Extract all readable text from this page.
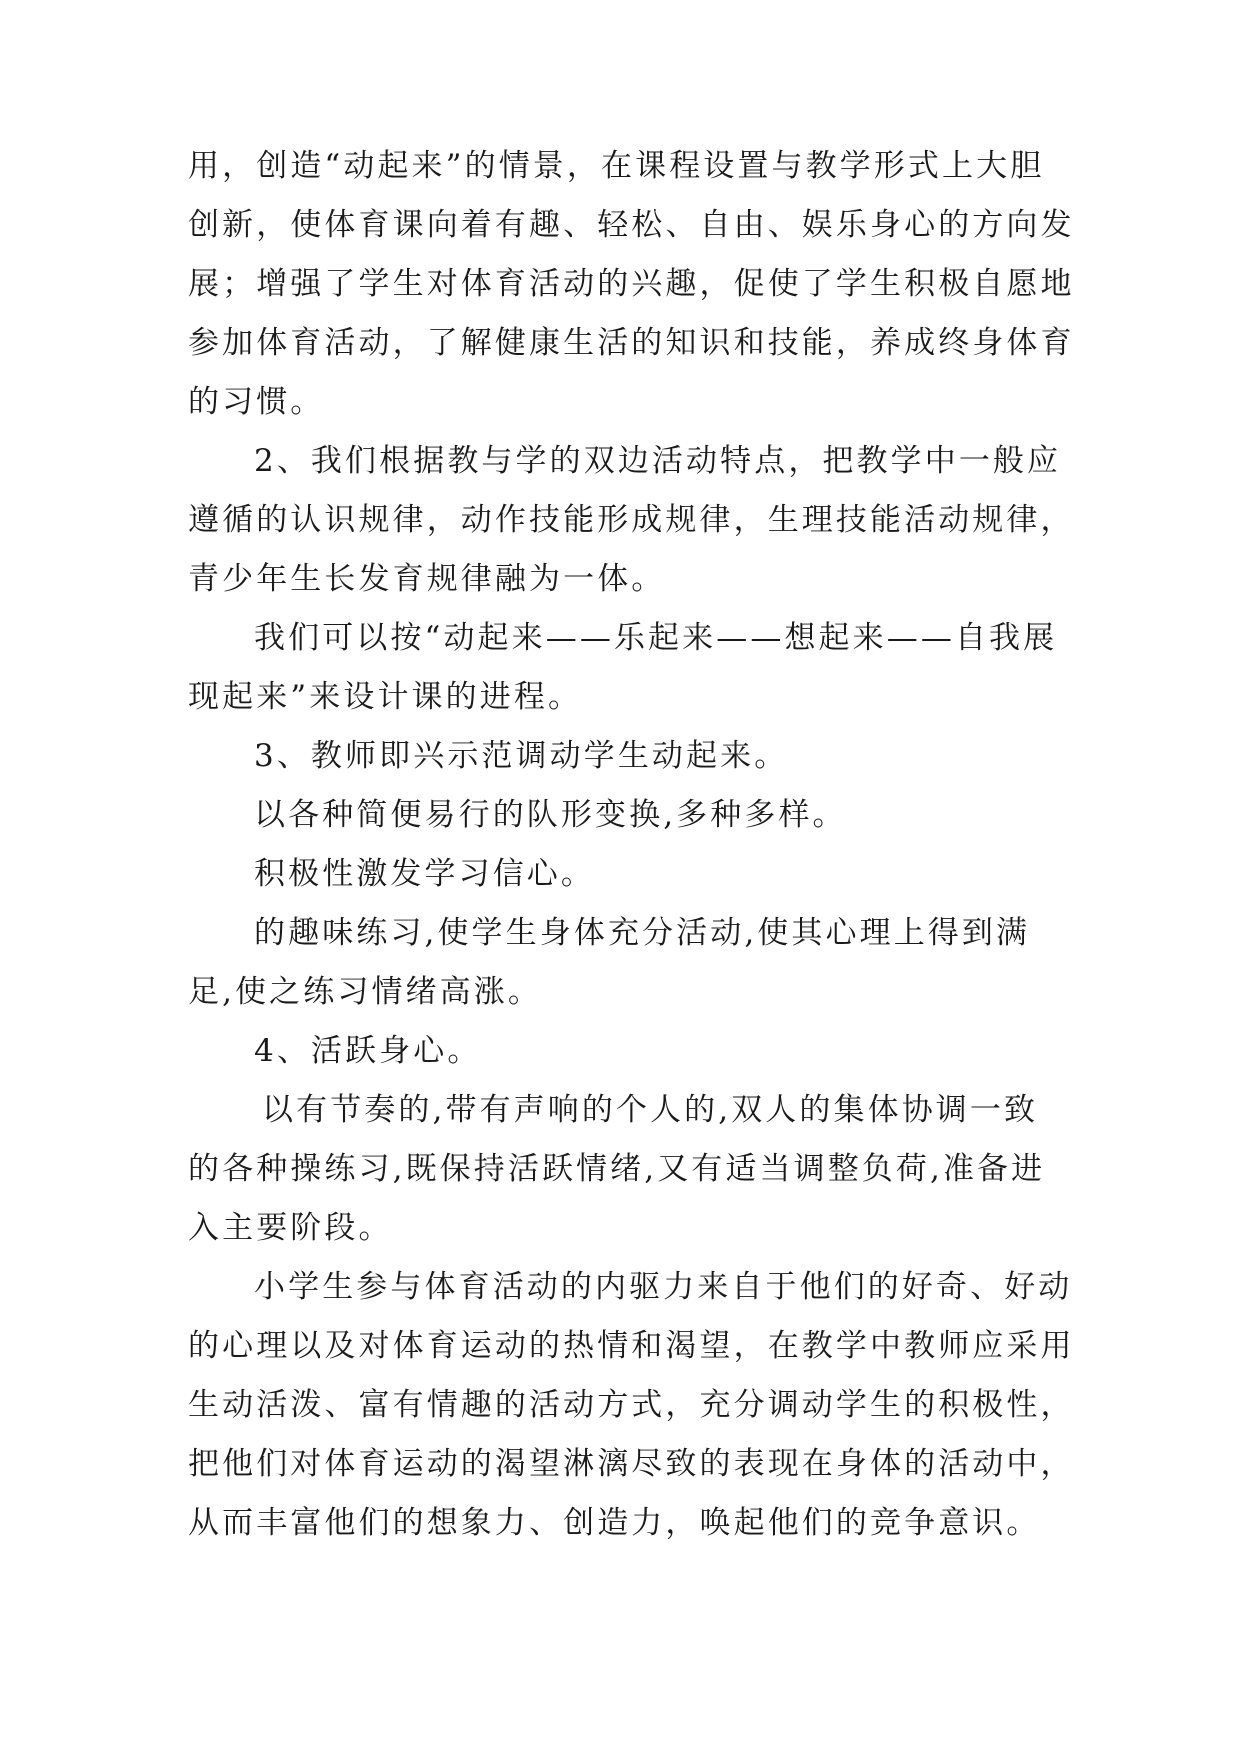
用，创造“动起来”的情景，在课程设置与教学形式上大胆
创新，使体育课向着有趣、轻松、自由、娱乐身心的方向发
展；增强了学生对体育活动的兴趣，促使了学生积极自愿地
参加体育活动，了解健康生活的知识和技能，养成终身体育
的习惯。
2、我们根据教与学的双边活动特点，把教学中一般应
遵循的认识规律，动作技能形成规律，生理技能活动规律，
青少年生长发育规律融为一体。
我们可以按“动起来——乐起来——想起来——自我展
现起来”来设计课的进程。
3、教师即兴示范调动学生动起来。
以各种简便易行的队形变换,多种多样。
积极性激发学习信心。
的趣味练习,使学生身体充分活动,使其心理上得到满
足,使之练习情绪高涨。
4、活跃身心。
以有节奏的,带有声响的个人的,双人的集体协调一致
的各种操练习,既保持活跃情绪,又有适当调整负荷,准备进
入主要阶段。
小学生参与体育活动的内驱力来自于他们的好奇、好动
的心理以及对体育运动的热情和渴望，在教学中教师应采用
生动活泼、富有情趣的活动方式，充分调动学生的积极性，
把他们对体育运动的渴望淋漓尽致的表现在身体的活动中，
从而丰富他们的想象力、创造力，唤起他们的竞争意识。
